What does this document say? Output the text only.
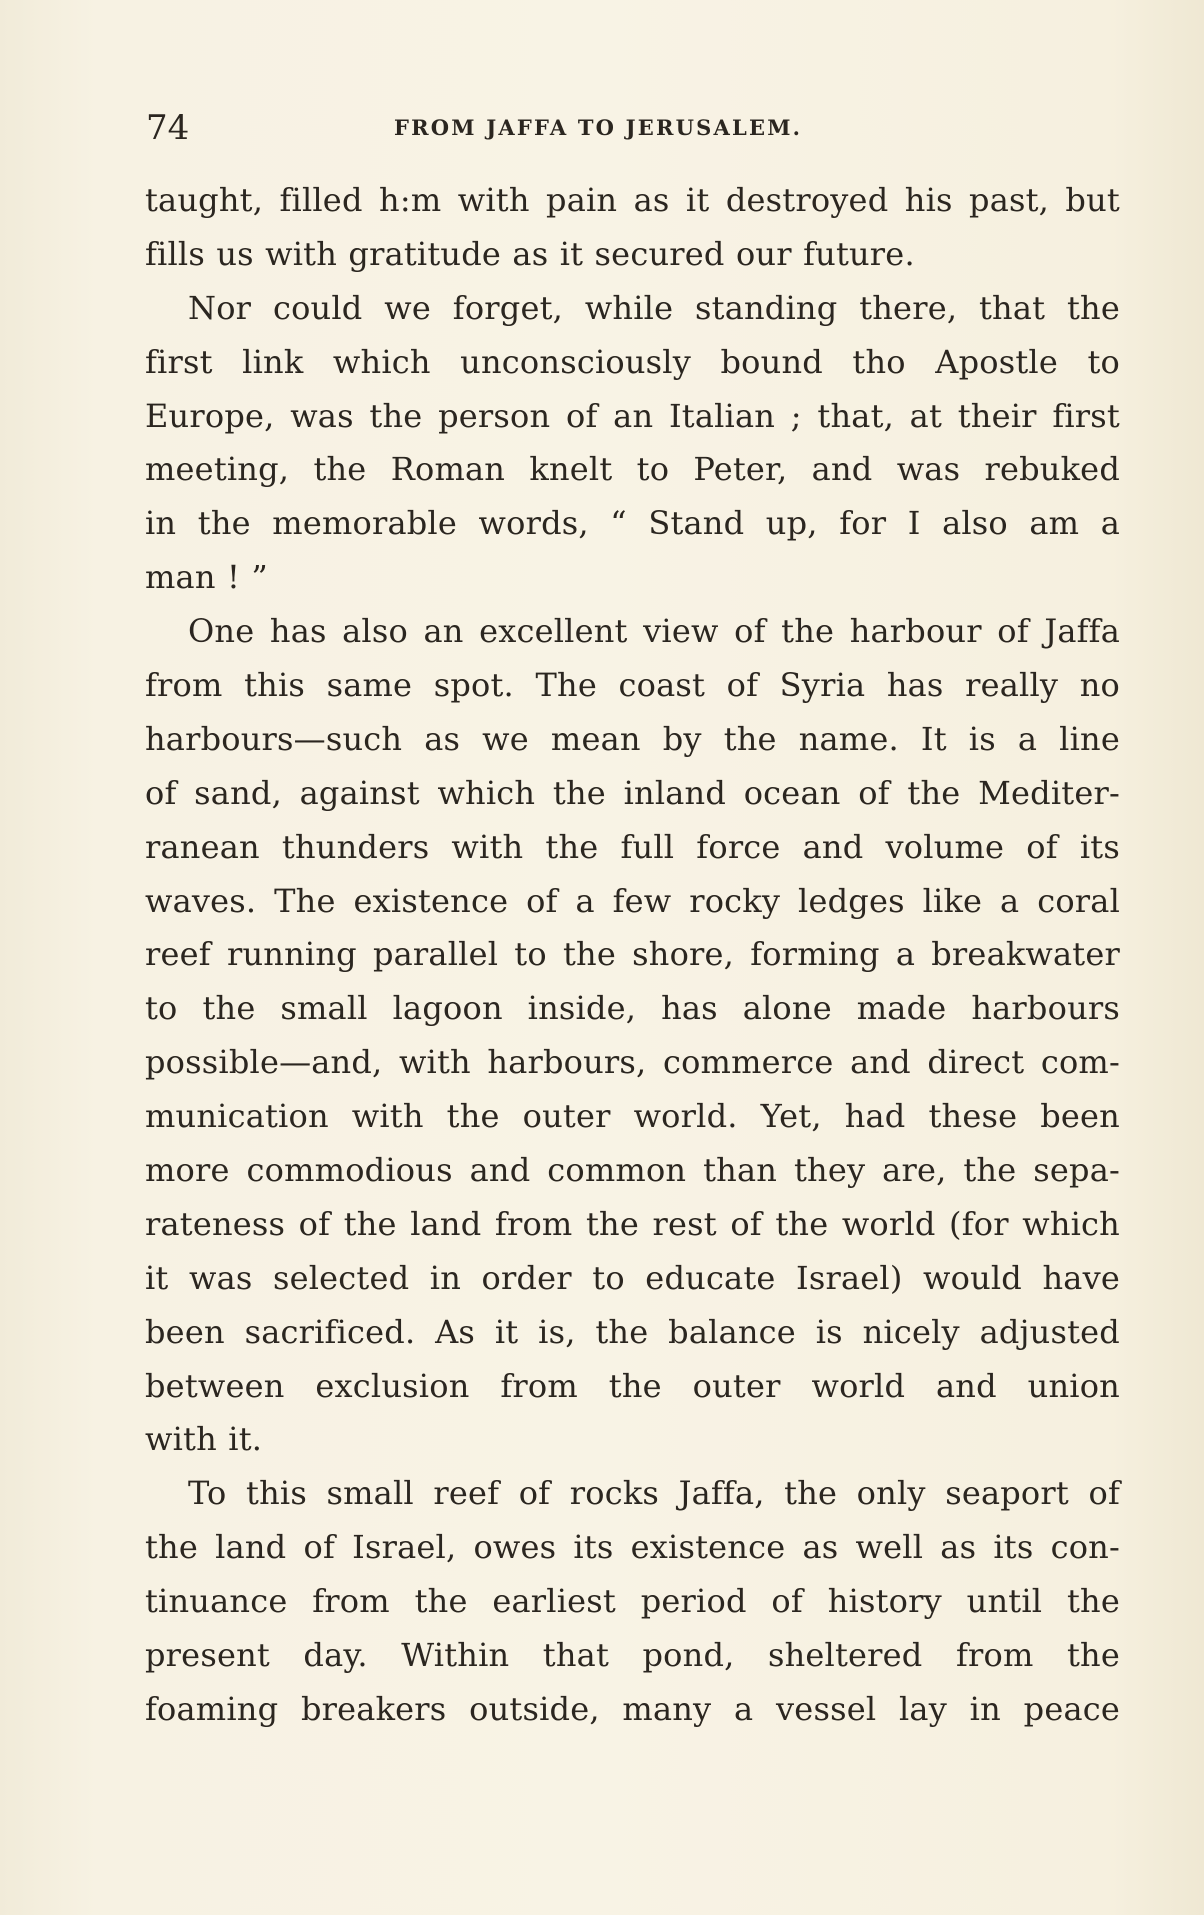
74	FROM JAFFA TO JERUSALEM.
taught, filled h:m with pain as it destroyed his past, but
fills us with gratitude as it secured our future.
Nor could we forget, while standing there, that the
first link which unconsciously bound tho Apostle to
Europe, was the person of an Italian ; that, at their first
meeting, the Roman knelt to Peter, and was rebuked
in the memorable words, “ Stand up, for I also am a
man ! ”
One has also an excellent view of the harbour of Jaffa
from this same spot. The coast of Syria has really no
harbours—such as we mean by the name. It is a line
of sand, against which the inland ocean of the Mediter-
ranean thunders with the full force and volume of its
waves. The existence of a few rocky ledges like a coral
reef running parallel to the shore, forming a breakwater
to the small lagoon inside, has alone made harbours
possible—and, with harbours, commerce and direct com-
munication with the outer world. Yet, had these been
more commodious and common than they are, the sepa-
rateness of the land from the rest of the world (for which
it was selected in order to educate Israel) would have
been sacrificed. As it is, the balance is nicely adjusted
between exclusion from the outer world and union
with it.
To this small reef of rocks Jaffa, the only seaport of
the land of Israel, owes its existence as well as its con-
tinuance from the earliest period of history until the
present day. Within that pond, sheltered from the
foaming breakers outside, many a vessel lay in peace
